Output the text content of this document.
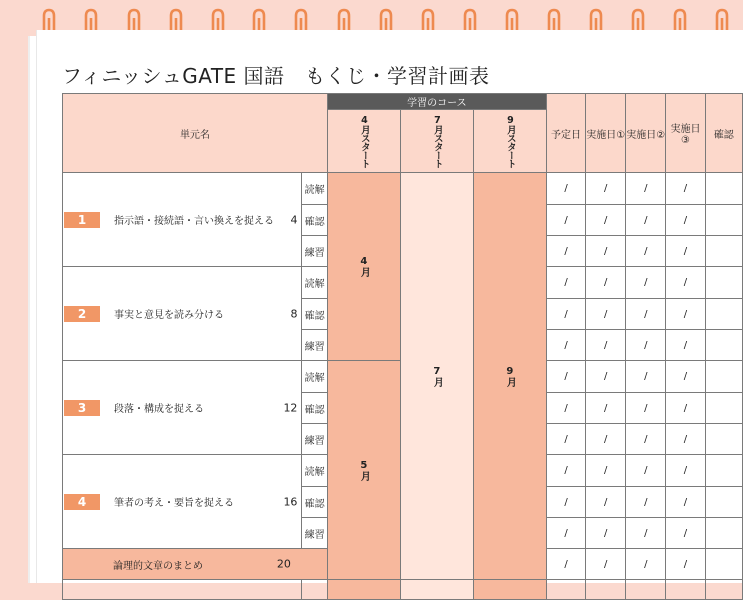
フィニッシュGATE 国語　もくじ・学習計画表
単元名		学習のコース			予定日	実施日①	実施日②	実施日③	確認

		4月スタート	7月スタート	9月スタート					

1 指示語・接続語・言い換えを捉える 4	読解	4月	7月	9月	/	/	/	/	
	確認				/	/	/	/	
	練習				/	/	/	/	
2 事実と意見を読み分ける 8	読解				/	/	/	/	
	確認				/	/	/	/	
	練習				/	/	/	/	
3 段落・構成を捉える 12	読解	5月			/	/	/	/	
	確認				/	/	/	/	
	練習				/	/	/	/	
4 筆者の考え・要旨を捉える 16	読解				/	/	/	/	
	確認				/	/	/	/	
	練習				/	/	/	/	
論理的文章のまとめ 20					/	/	/	/	
